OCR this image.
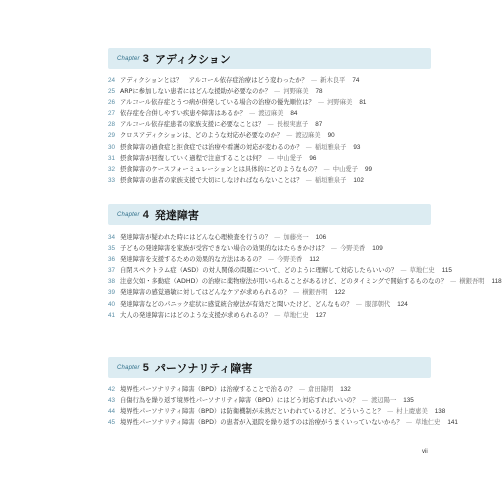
Chapter 3 アディクション
24 アディクションとは？　アルコール依存症治療はどう変わったか？ — 新木良平 74
25 ARPに参加しない患者にはどんな援助が必要なのか？ — 河野麻美 78
26 アルコール依存症とうつ病が併発している場合の治療の優先順位は？ — 河野麻美 81
27 依存症を合併しやすい疾患や障害はあるか？ — 渡辺麻美 84
28 アルコール依存症患者の家族支援に必要なことは？ — 長根実恵子 87
29 クロスアディクションは、どのような対応が必要なのか？ — 渡辺麻美 90
30 摂食障害の過食症と拒食症では治療や看護の対応が変わるのか？ — 稲垣雅泉子 93
31 摂食障害が回復していく過程で注意することは何？ — 中山愛子 96
32 摂食障害のケースフォーミュレーションとは具体的にどのようなもの？ — 中山愛子 99
33 摂食障害の患者の家族支援で大切にしなければならないことは？ — 稲垣雅泉子 102
Chapter 4 発達障害
34 発達障害が疑われた時にはどんな心理検査を行うの？ — 加藤亮一 106
35 子どもの発達障害を家族が受容できない場合の効果的なはたらきかけは？ — 今野美香 109
36 発達障害を支援するための効果的な方法はあるの？ — 今野美香 112
37 自閉スペクトラム症（ASD）の対人関係の問題について、どのように理解して対応したらいいの？ — 草地仁史 115
38 注意欠如・多動症（ADHD）の治療に薬物療法が用いられることがあるけど、どのタイミングで開始するものなの？ — 横銀吾明 118
39 発達障害の感覚過敏に対してはどんなケアが求められるの？ — 横銀吾明 122
40 発達障害などのパニック症状に感覚統合療法が有効だと聞いたけど、どんなもの？ — 服部朝代 124
41 大人の発達障害にはどのような支援が求められるの？ — 草地仁史 127
Chapter 5 パーソナリティ障害
42 境界性パーソナリティ障害（BPD）は治療することで治るの？ — 倉田隆明 132
43 自傷行為を繰り返す境界性パーソナリティ障害（BPD）にはどう対応すればいいの？ — 渡辺陽一 135
44 境界性パーソナリティ障害（BPD）は防衛機制が未熟だといわれているけど、どういうこと？ — 村上慶恵美 138
45 境界性パーソナリティ障害（BPD）の患者が入退院を繰り返すのは治療がうまくいっていないから？ — 草地仁史 141
vii
